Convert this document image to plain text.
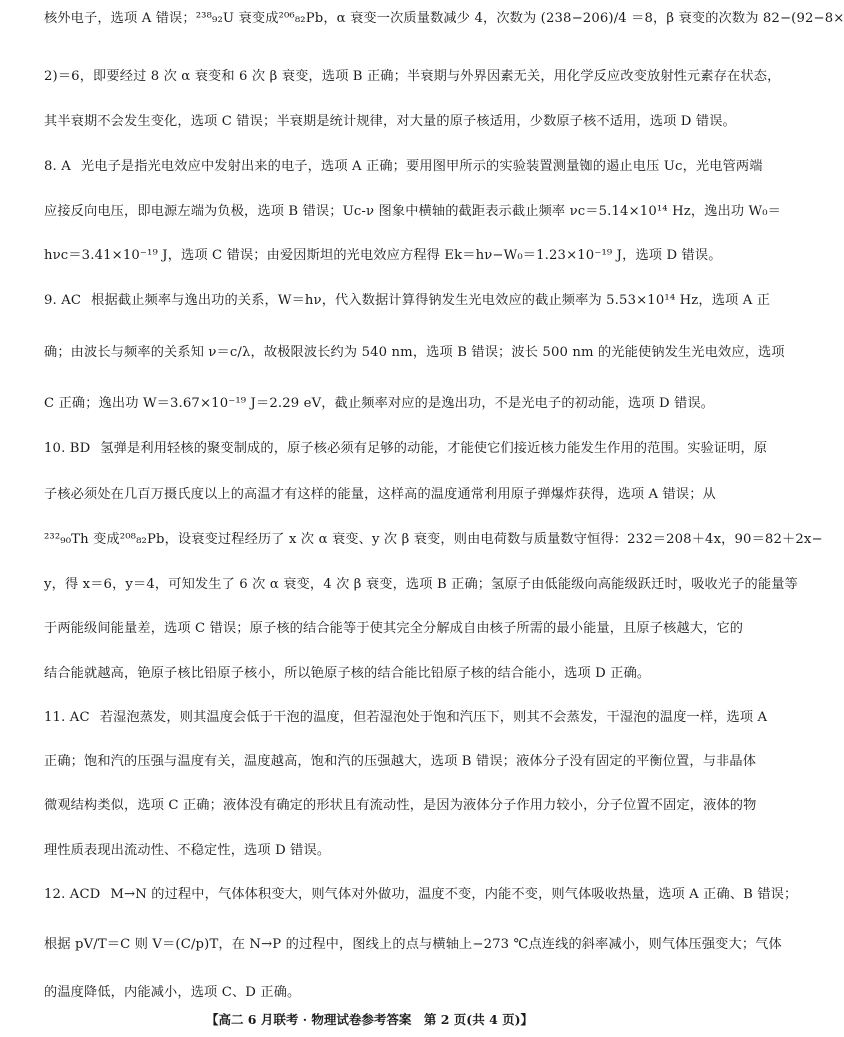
核外电子，选项 A 错误；²³⁸₉₂U 衰变成²⁰⁶₈₂Pb，α 衰变一次质量数减少 4，次数为 (238−206)/4 ＝8，β 衰变的次数为 82−(92−8×
2)＝6，即要经过 8 次 α 衰变和 6 次 β 衰变，选项 B 正确；半衰期与外界因素无关，用化学反应改变放射性元素存在状态，
其半衰期不会发生变化，选项 C 错误；半衰期是统计规律，对大量的原子核适用，少数原子核不适用，选项 D 错误。
8. A 光电子是指光电效应中发射出来的电子，选项 A 正确；要用图甲所示的实验装置测量铷的遏止电压 Uc，光电管两端
应接反向电压，即电源左端为负极，选项 B 错误；Uc-ν 图象中横轴的截距表示截止频率 νc＝5.14×10¹⁴ Hz，逸出功 W₀＝
hνc＝3.41×10⁻¹⁹ J，选项 C 错误；由爱因斯坦的光电效应方程得 Ek＝hν−W₀＝1.23×10⁻¹⁹ J，选项 D 错误。
9. AC 根据截止频率与逸出功的关系，W＝hν，代入数据计算得钠发生光电效应的截止频率为 5.53×10¹⁴ Hz，选项 A 正
确；由波长与频率的关系知 ν＝c/λ，故极限波长约为 540 nm，选项 B 错误；波长 500 nm 的光能使钠发生光电效应，选项
C 正确；逸出功 W＝3.67×10⁻¹⁹ J＝2.29 eV，截止频率对应的是逸出功，不是光电子的初动能，选项 D 错误。
10. BD 氢弹是利用轻核的聚变制成的，原子核必须有足够的动能，才能使它们接近核力能发生作用的范围。实验证明，原
子核必须处在几百万摄氏度以上的高温才有这样的能量，这样高的温度通常利用原子弹爆炸获得，选项 A 错误；从
²³²₉₀Th 变成²⁰⁸₈₂Pb，设衰变过程经历了 x 次 α 衰变、y 次 β 衰变，则由电荷数与质量数守恒得：232＝208＋4x，90＝82＋2x−
y，得 x＝6，y＝4，可知发生了 6 次 α 衰变，4 次 β 衰变，选项 B 正确；氢原子由低能级向高能级跃迁时，吸收光子的能量等
于两能级间能量差，选项 C 错误；原子核的结合能等于使其完全分解成自由核子所需的最小能量，且原子核越大，它的
结合能就越高，铯原子核比铅原子核小，所以铯原子核的结合能比铅原子核的结合能小，选项 D 正确。
11. AC 若湿泡蒸发，则其温度会低于干泡的温度，但若湿泡处于饱和汽压下，则其不会蒸发，干湿泡的温度一样，选项 A
正确；饱和汽的压强与温度有关，温度越高，饱和汽的压强越大，选项 B 错误；液体分子没有固定的平衡位置，与非晶体
微观结构类似，选项 C 正确；液体没有确定的形状且有流动性，是因为液体分子作用力较小，分子位置不固定，液体的物
理性质表现出流动性、不稳定性，选项 D 错误。
12. ACD M→N 的过程中，气体体积变大，则气体对外做功，温度不变，内能不变，则气体吸收热量，选项 A 正确、B 错误；
根据 pV/T＝C 则 V＝(C/p)T，在 N→P 的过程中，图线上的点与横轴上−273 ℃点连线的斜率减小，则气体压强变大；气体
的温度降低，内能减小，选项 C、D 正确。
【高二 6 月联考 · 物理试卷参考答案　第 2 页(共 4 页)】
